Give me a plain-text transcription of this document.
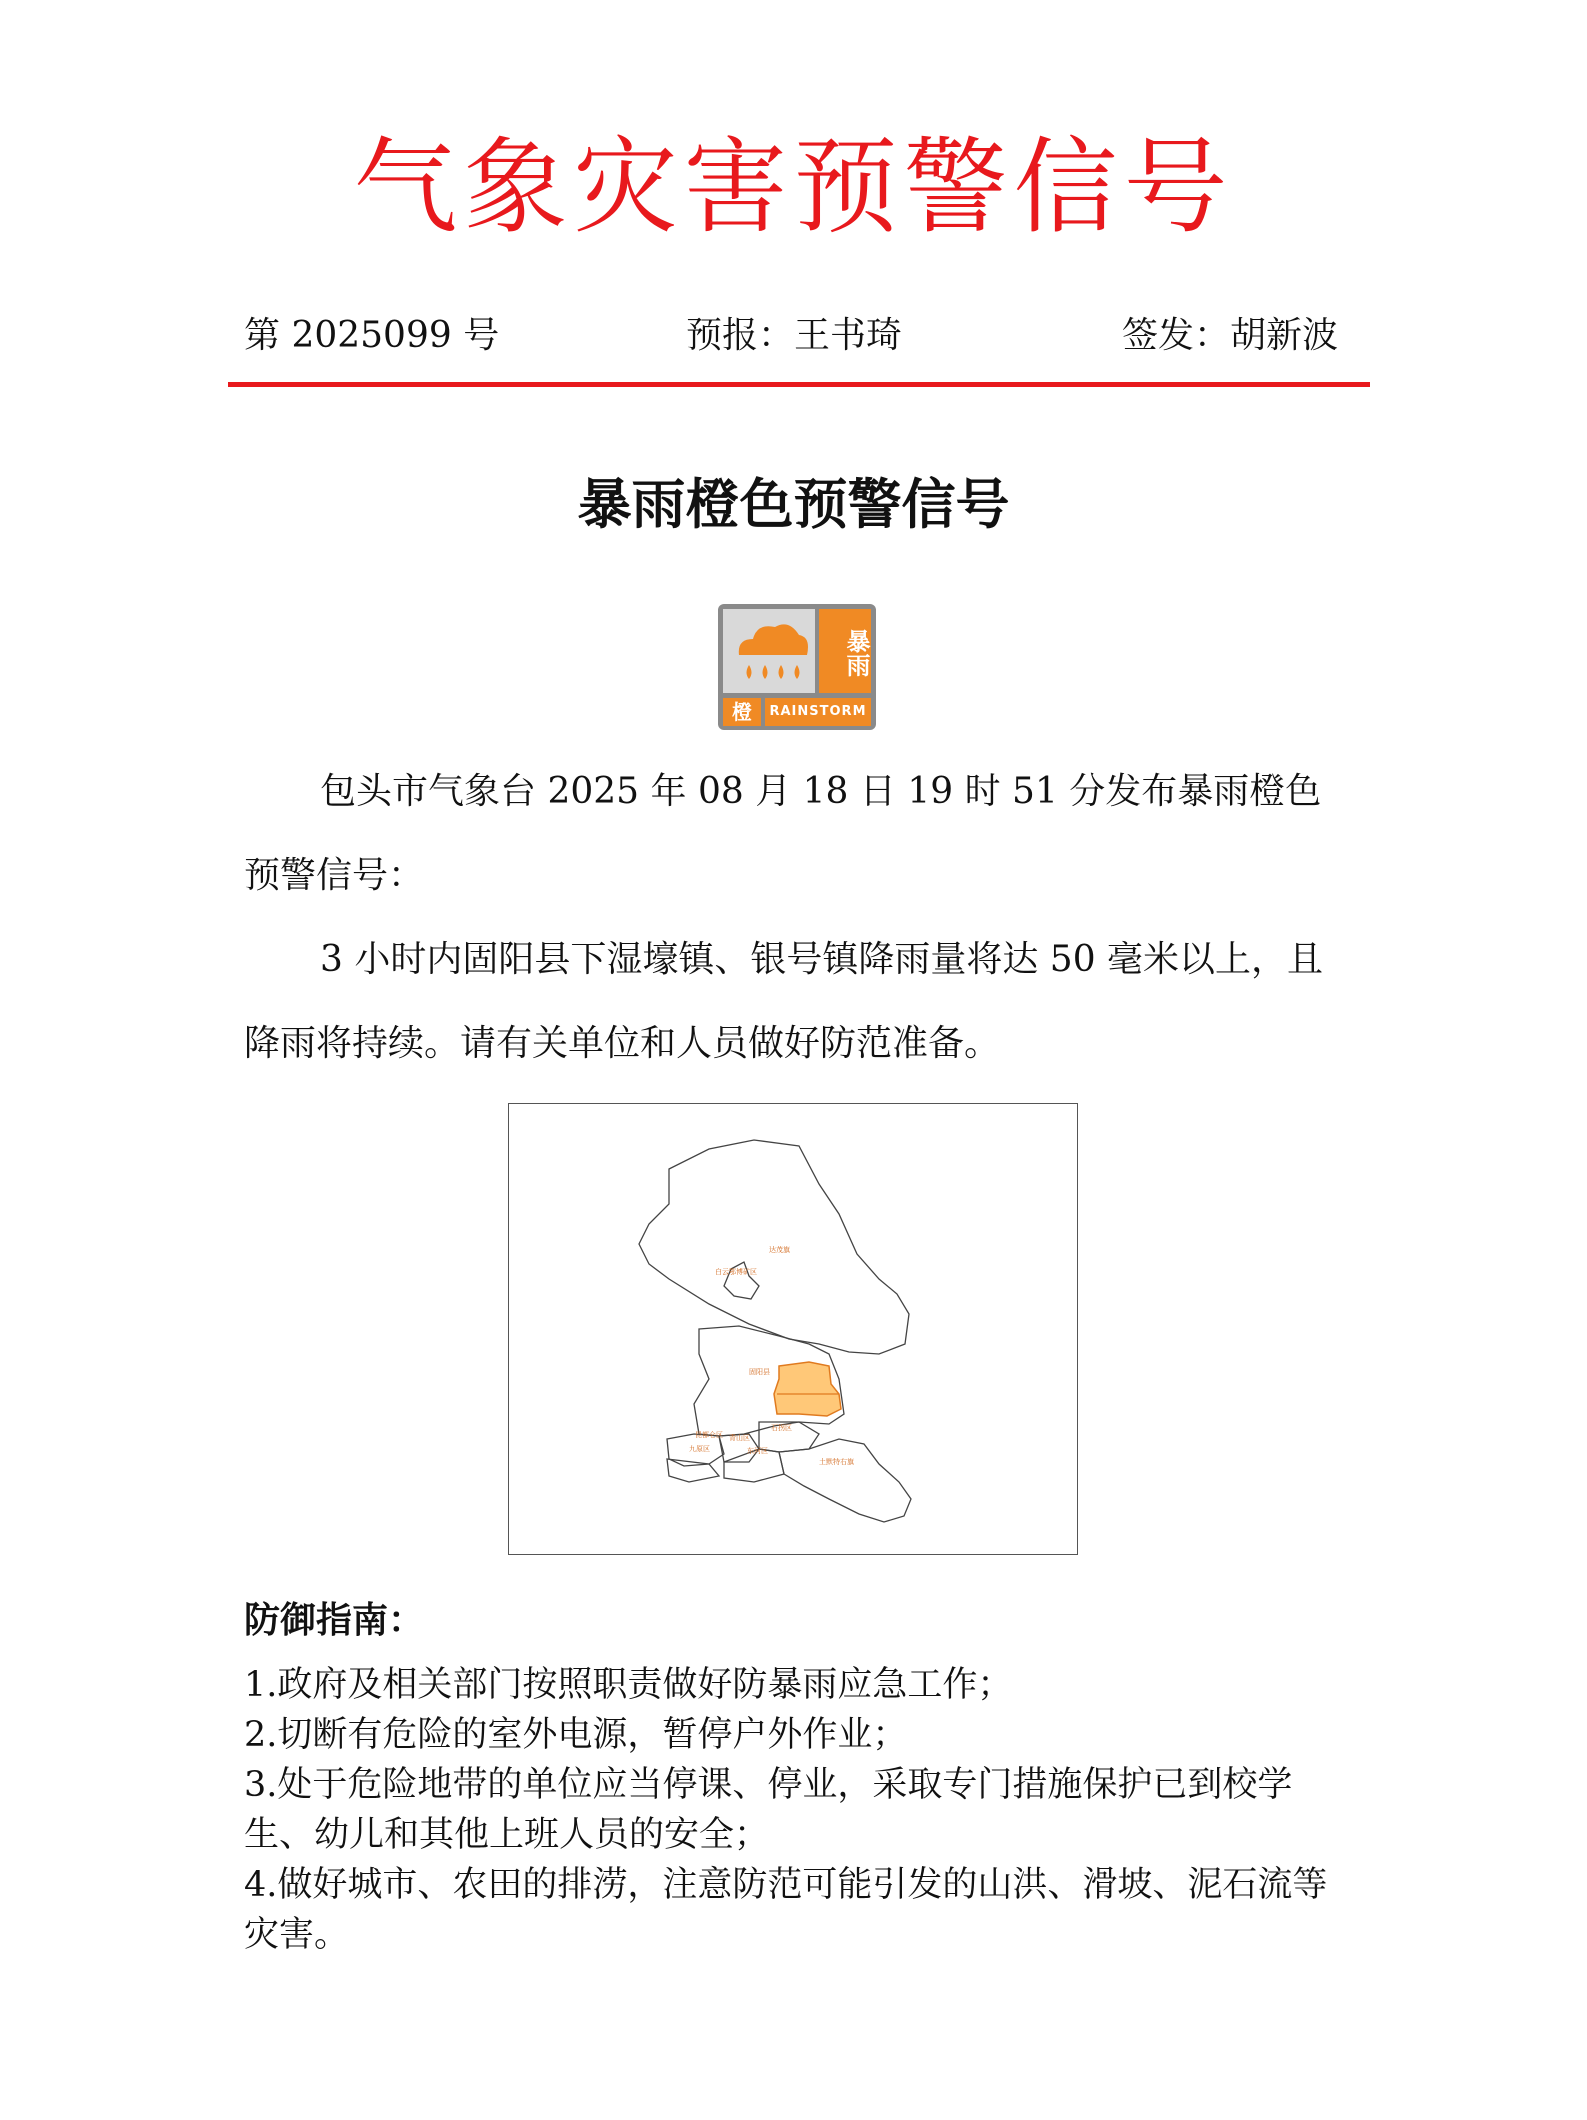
气象灾害预警信号
第 2025099 号	预报：王书琦	签发：胡新波
暴雨橙色预警信号
暴雨
橙	RAINSTORM
包头市气象台 2025 年 08 月 18 日 19 时 51 分发布暴雨橙色预警信号：
3 小时内固阳县下湿壕镇、银号镇降雨量将达 50 毫米以上，且降雨将持续。请有关单位和人员做好防范准备。
达茂旗
白云鄂博矿区
固阳县
石拐区
昆都仑区 青山区
九原区	东河区
土默特右旗
防御指南：
1.政府及相关部门按照职责做好防暴雨应急工作；
2.切断有危险的室外电源，暂停户外作业；
3.处于危险地带的单位应当停课、停业，采取专门措施保护已到校学生、幼儿和其他上班人员的安全；
4.做好城市、农田的排涝，注意防范可能引发的山洪、滑坡、泥石流等灾害。
